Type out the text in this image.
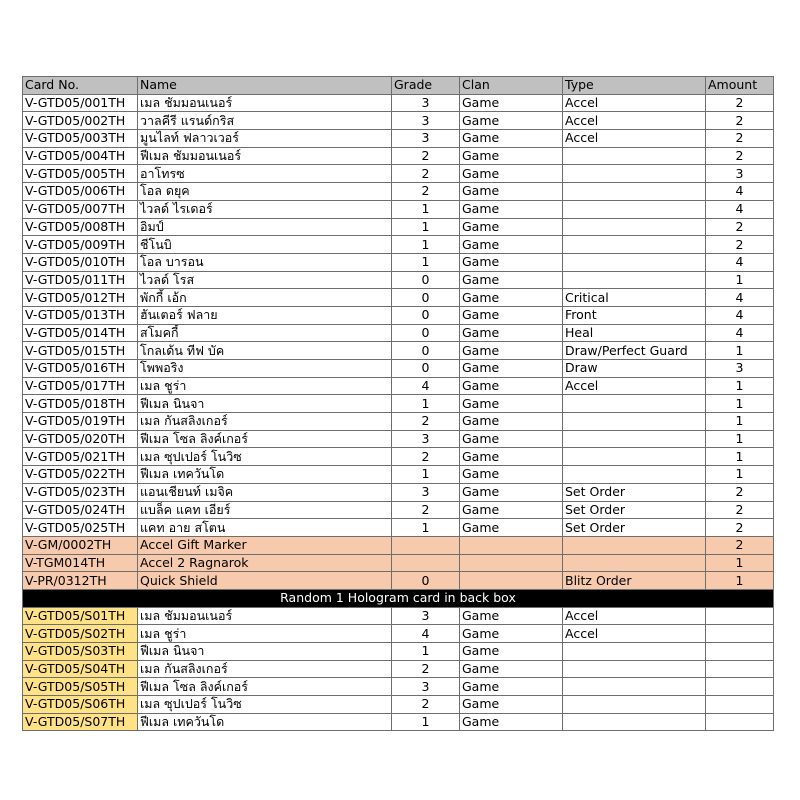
Card No.	Name	Grade	Clan	Type	Amount
V-GTD05/001TH	เมล ชัมมอนเนอร์	3	Game	Accel	2
V-GTD05/002TH	วาลคีรี แรนด์กริส	3	Game	Accel	2
V-GTD05/003TH	มูนไลท์ ฟลาวเวอร์	3	Game	Accel	2
V-GTD05/004TH	ฟีเมล ชัมมอนเนอร์	2	Game		2
V-GTD05/005TH	อาโทรซ	2	Game		3
V-GTD05/006TH	โอล ดยุค	2	Game		4
V-GTD05/007TH	ไวลด์ ไรเดอร์	1	Game		4
V-GTD05/008TH	อิมป์	1	Game		2
V-GTD05/009TH	ชีโนบิ	1	Game		2
V-GTD05/010TH	โอล บารอน	1	Game		4
V-GTD05/011TH	ไวลด์ โรส	0	Game		1
V-GTD05/012TH	พักกี้ เอ้ก	0	Game	Critical	4
V-GTD05/013TH	ฮันเตอร์ ฟลาย	0	Game	Front	4
V-GTD05/014TH	สโมคกี้	0	Game	Heal	4
V-GTD05/015TH	โกลเด้น ทีฟ บัค	0	Game	Draw/Perfect Guard	1
V-GTD05/016TH	โพพอริง	0	Game	Draw	3
V-GTD05/017TH	เมล ชูร่า	4	Game	Accel	1
V-GTD05/018TH	ฟีเมล นินจา	1	Game		1
V-GTD05/019TH	เมล กันสลิงเกอร์	2	Game		1
V-GTD05/020TH	ฟีเมล โซล ลิงค์เกอร์	3	Game		1
V-GTD05/021TH	เมล ซุปเปอร์ โนวิซ	2	Game		1
V-GTD05/022TH	ฟีเมล เทควันโด	1	Game		1
V-GTD05/023TH	แอนเชียนท์ เมจิค	3	Game	Set Order	2
V-GTD05/024TH	แบล็ค แคท เอียร์	2	Game	Set Order	2
V-GTD05/025TH	แคท อาย สโตน	1	Game	Set Order	2
V-GM/0002TH	Accel Gift Marker				2
V-TGM014TH	Accel 2 Ragnarok				1
V-PR/0312TH	Quick Shield	0		Blitz Order	1
Random 1 Hologram card in back box					
V-GTD05/S01TH	เมล ชัมมอนเนอร์	3	Game	Accel	
V-GTD05/S02TH	เมล ชูร่า	4	Game	Accel	
V-GTD05/S03TH	ฟีเมล นินจา	1	Game		
V-GTD05/S04TH	เมล กันสลิงเกอร์	2	Game		
V-GTD05/S05TH	ฟีเมล โซล ลิงค์เกอร์	3	Game		
V-GTD05/S06TH	เมล ซุปเปอร์ โนวิซ	2	Game		
V-GTD05/S07TH	ฟีเมล เทควันโด	1	Game		
